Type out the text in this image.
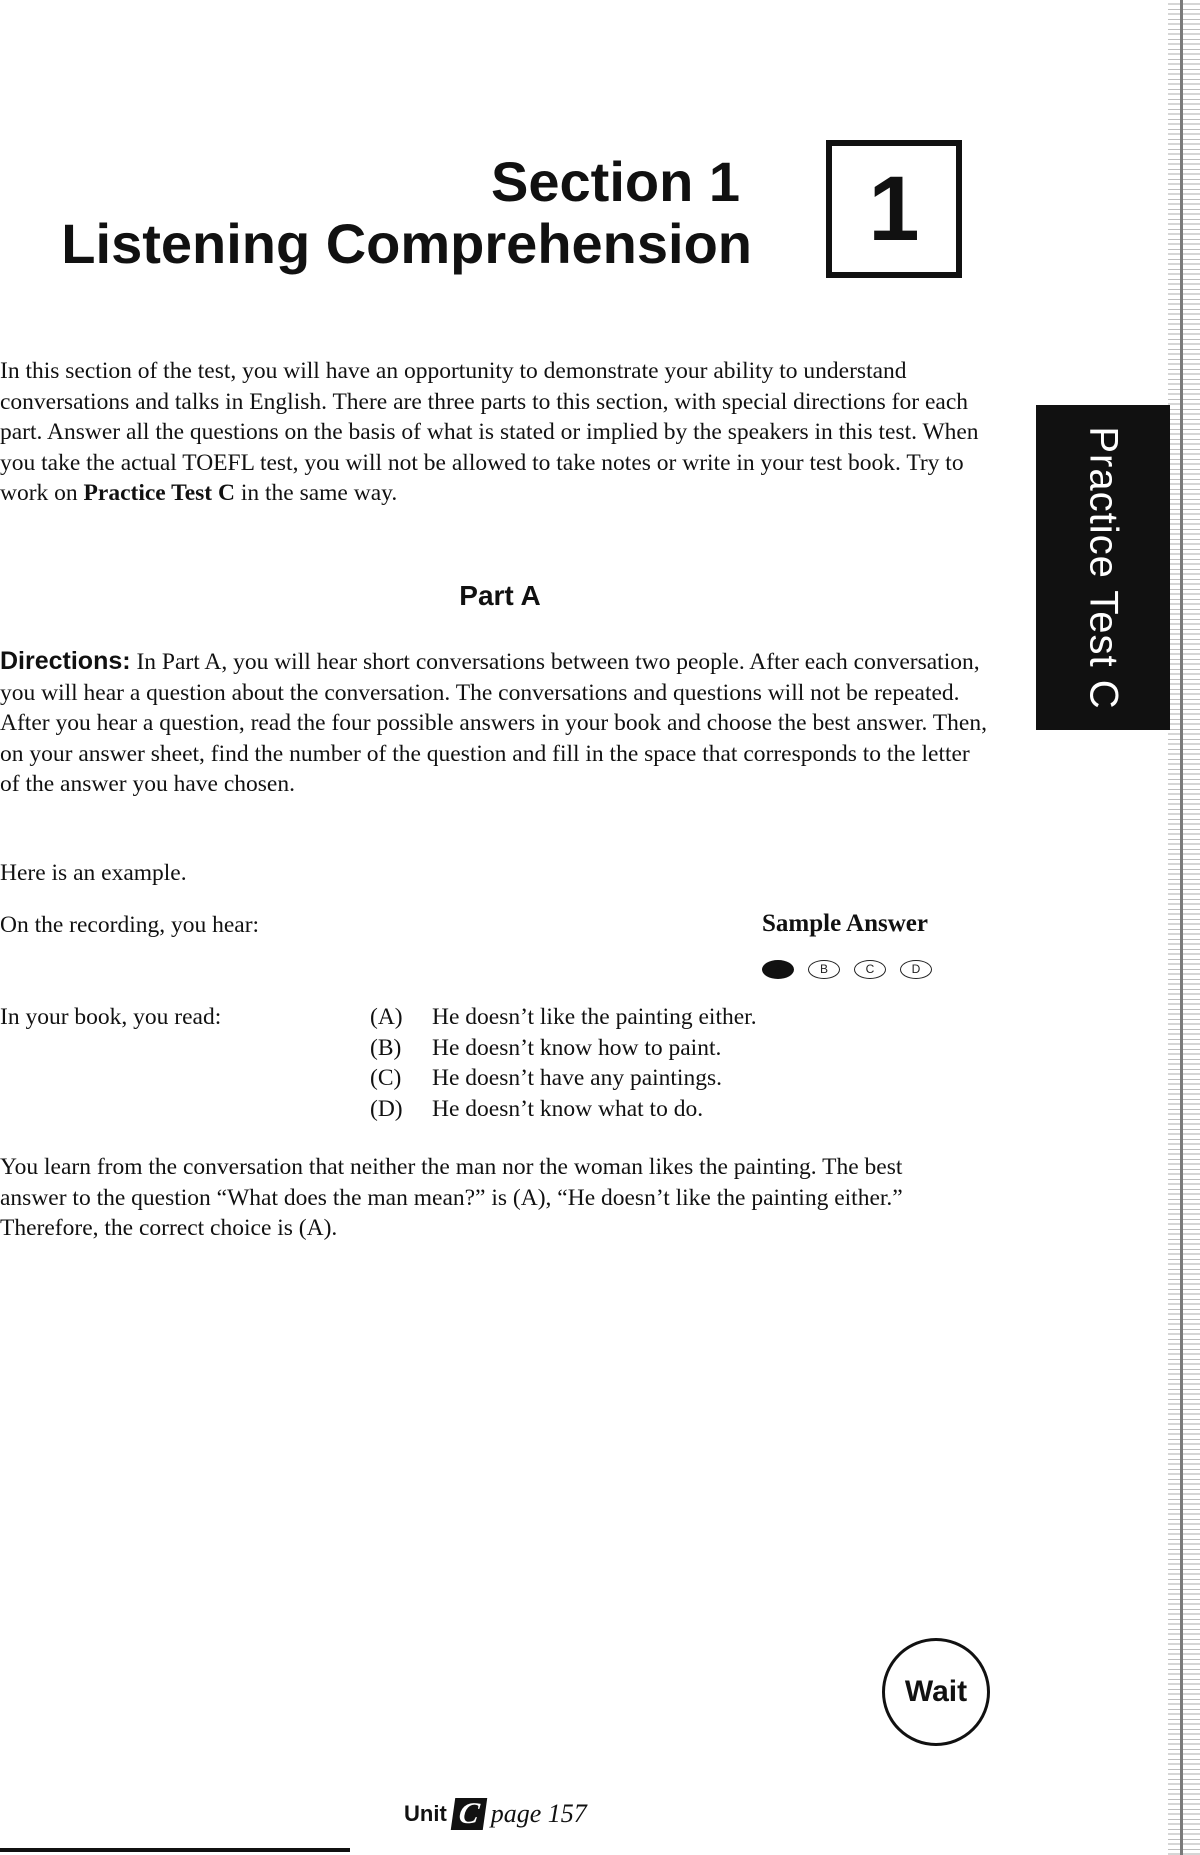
Section 1
Listening Comprehension 1
Practice Test C
In this section of the test, you will have an opportunity to demonstrate your ability to understand conversations and talks in English. There are three parts to this section, with special directions for each part. Answer all the questions on the basis of what is stated or implied by the speakers in this test. When you take the actual TOEFL test, you will not be allowed to take notes or write in your test book. Try to work on Practice Test C in the same way.
Part A
Directions: In Part A, you will hear short conversations between two people. After each conversation, you will hear a question about the conversation. The conversations and questions will not be repeated. After you hear a question, read the four possible answers in your book and choose the best answer. Then, on your answer sheet, find the number of the question and fill in the space that corresponds to the letter of the answer you have chosen.
Here is an example.
On the recording, you hear:	Sample Answer
A	B	C	D
In your book, you read:	(A)	He doesn’t like the painting either.
(B)	He doesn’t know how to paint.
(C)	He doesn’t have any paintings.
(D)	He doesn’t know what to do.
You learn from the conversation that neither the man nor the woman likes the painting. The best answer to the question “What does the man mean?” is (A), “He doesn’t like the painting either.” Therefore, the correct choice is (A).
Wait
Unit C page 157
